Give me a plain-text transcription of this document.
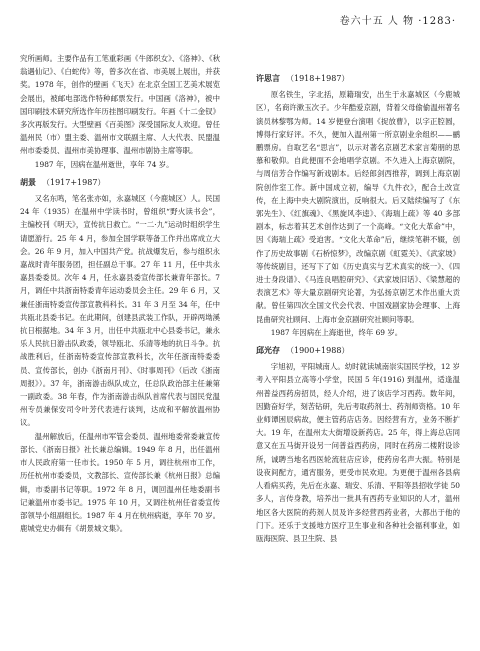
卷六十五 人 物 ·1283·

究所画师。主要作品有工笔重彩画《牛郎织女》、《洛神》、《秋翁遇仙记》、《白蛇传》等，曾多次在省、市美展上展出，并获奖。1978 年，创作的壁画《飞天》在北京全国工艺美术展览会展出，被邮电部选作特种邮票发行。中国画《洛神》，被中国印刷技术研究所选作年历挂图印刷发行。年画《十二金钗》多次再版发行。大型壁画《百美图》深受国际友人欢迎。曾任温州民（市）盟主委、温州市文联副主席、人大代表、民盟温州市委委员、温州市美协理事、温州市剧协主席等职。

1987 年，因病在温州逝世，享年 74 岁。

胡景 （1917+1987）

又名东鸣，笔名张亦如，永嘉城区（今鹿城区）人。民国 24 年（1935）在温州中学读书时，曾组织“野火读书会”，主编校刊《明天》，宣传抗日救亡。“一二·九”运动时组织学生请愿游行。25 年 4 月，参加全国学联等备工作并出席成立大会。26 年 9 月，加入中国共产党。抗战爆发后，参与组织永嘉战时青年服务团，担任副总干事。27 年 11 月，任中共永嘉县委委员。次年 4 月，任永嘉县委宣传部长兼青年部长。7 月，调任中共浙南特委青年运动委员会主任。29 年 6 月，又兼任浙南特委宣传部宣教科科长。31 年 3 月至 34 年，任中共瓯北县委书记。在此期间，创建县武装工作队，开辟两坳溪抗日根据地。34 年 3 月，出任中共瓯北中心县委书记，兼永乐人民抗日游击队政委，领导瓯北、乐清等地的抗日斗争。抗战胜利后，任浙南特委宣传部宣教科长，次年任浙南特委委员、宣传部长，创办《浙南月刊》、《时事周刊》（后改《浙南周报》）。37 年，浙南游击纵队成立，任总队政治部主任兼第一副政委。38 年春，作为浙南游击纵队首席代表与国民党温州专员兼保安司令叶芳代表进行谈判，达成和平解放温州协议。

温州解放后，任温州市军管会委员、温州地委常委兼宣传部长、《浙南日报》社长兼总编辑。1949 年 8 月，出任温州市人民政府第一任市长。1950 年 5 月，调往杭州市工作，历任杭州市委委员，文教部长、宣传部长兼《杭州日报》总编辑，市委副书记等职。1972 年 8 月，调回温州任地委副书记兼温州市委书记。1975 年 10 月，又调往杭州任省委宣传部领导小组副组长。1987 年 4 月在杭州病逝，享年 70 岁。鹿城党史办辑有《胡景城文集》。

许思言 （1918+1987）

原名铁生，字北括，原籍瑞安，出生于永嘉城区（今鹿城区），名商许漱玉次子。少年酷爱京剧，背着父母偷偷温州著名演员林黎鄂为师。14 岁便登台演唱《捉放曹》，以字正腔圆，博得行家好评。不久，便加入温州第一所京剧业余组织——鹂鹏票房。自取艺名“思言”，以示对著名京剧艺术家言菊朋的思慕和敬仰。自此便面不会地唱学京剧。不久进入上海京剧院，与周信芳合作编写新戏剧本。后经郎剑西推荐，调到上海京剧院创作室工作。新中国成立初，编导《九件衣》，配合土改宣传，在上海中央大剧院演出，反响很大。后又陆续编写了《东郭先生》、《红旗魂》、《黑旋风李逵》、《海瑞上疏》等 40 多部剧本，标志着其艺术创作达到了一个高峰。“文化大革命”中，因《海瑞上疏》受迫害。“文化大革命”后，继续笔耕不辍，创作了历史故事剧《石桥惊梦》，改编京剧《虹霓关》、《武家坡》等传统剧目，还写下了如《历史真实与艺术真实的统一》、《四进士身段谱》、《马连良唱腔研究》、《武家坡旧话》、《梁慧超的表演艺术》等大量京剧研究论著，为弘扬京剧艺术作出重大贡献。曾任第四次全国文代会代表、中国戏剧家协会理事、上海昆曲研究社顾问、上海市金京剧研究社顾问等职。

1987 年因病在上海逝世，终年 69 岁。

邱光存 （1900+1988）

字旭初，平阳城南人。幼时就读城南崇实国民学校，12 岁考入平阳县立高等小学堂，民国 5 年(1916) 到温州，适逢温州普益西药房招员，经人介绍，进了该店学习西药。数年间，因勤奋好学，刻苦钻研，先后考取药剂士、药剂师资格。10 年业师谭困辰病故，便主管药店店务。因经营有方，业务不断扩大。19 年，在温州太大街增设新药店。25 年，得上海总店同意又在五马街开设另一问普益西药房，同时在药房二楼附设诊所，诚聘当地名西医轮流驻店应诊，使药房名声大振。特别是设夜间配方，通宵服务，更受市民欢迎。为更便于温州各县病人看病买药，先后在永嘉、瑞安、乐清、平阳等县招收学徒 50 多人，言传身教，培养出一批具有西药专业知识的人才，温州地区各大医院的药剂人员及许多经营西药业者，大都出于他的门下。还乐于支援地方医疗卫生事业和各种社会福利事业，如瓯海医院、县卫生院、县
